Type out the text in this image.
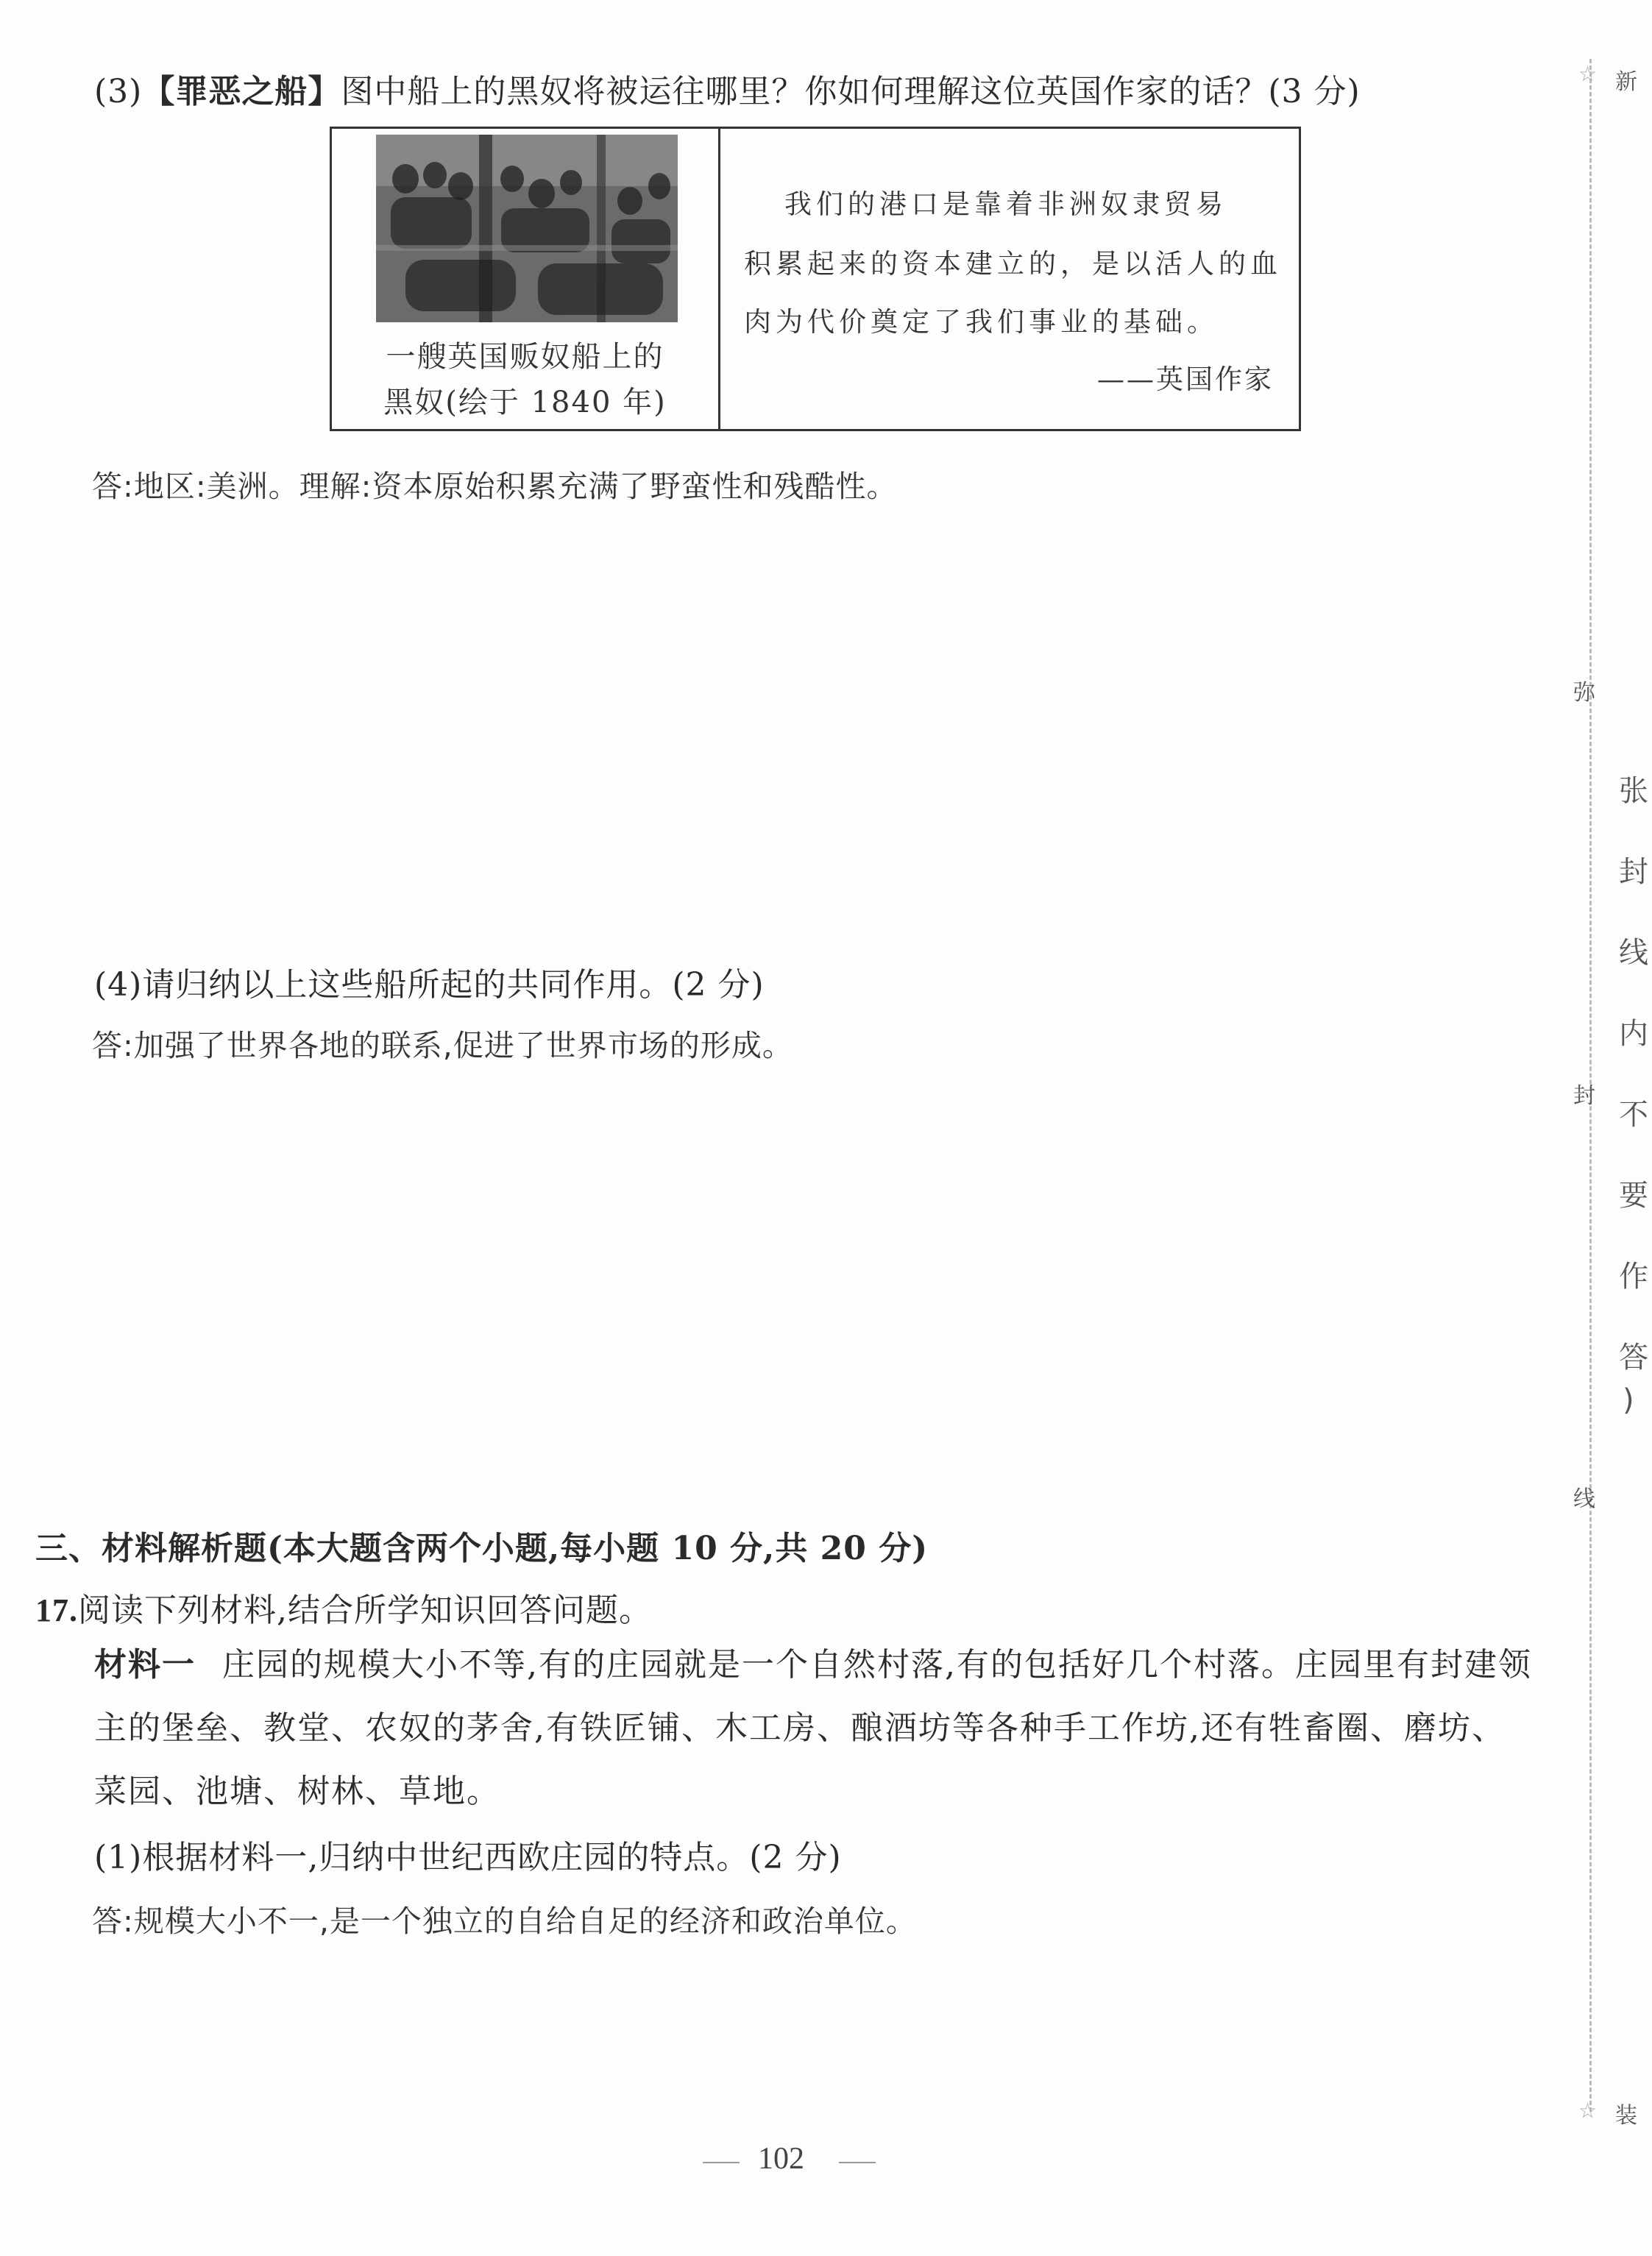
(3)【罪恶之船】图中船上的黑奴将被运往哪里？你如何理解这位英国作家的话？(3 分)
一艘英国贩奴船上的
黑奴(绘于 1840 年)
我们的港口是靠着非洲奴隶贸易
积累起来的资本建立的，是以活人的血
肉为代价奠定了我们事业的基础。
——英国作家
答:地区:美洲。理解:资本原始积累充满了野蛮性和残酷性。
(4)请归纳以上这些船所起的共同作用。(2 分)
答:加强了世界各地的联系,促进了世界市场的形成。
三、材料解析题(本大题含两个小题,每小题 10 分,共 20 分)
17.阅读下列材料,结合所学知识回答问题。
材料一 庄园的规模大小不等,有的庄园就是一个自然村落,有的包括好几个村落。庄园里有封建领主的堡垒、教堂、农奴的茅舍,有铁匠铺、木工房、酿酒坊等各种手工作坊,还有牲畜圈、磨坊、菜园、池塘、树林、草地。
(1)根据材料一,归纳中世纪西欧庄园的特点。(2 分)
答:规模大小不一,是一个独立的自给自足的经济和政治单位。
☆ 新
弥
封
线
☆ 装
张封线内不要作答
)
102
